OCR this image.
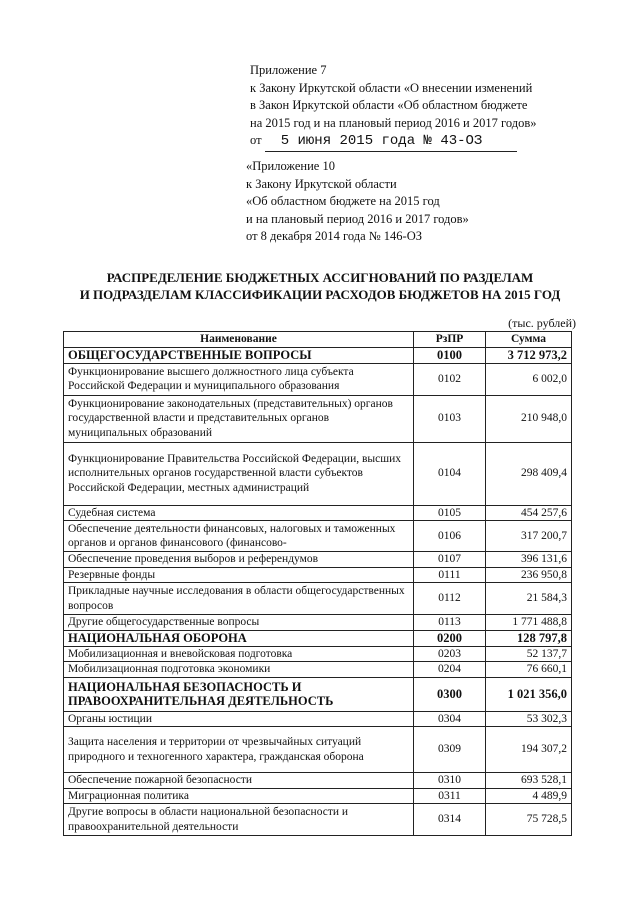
Приложение 7
к Закону Иркутской области «О внесении изменений
в Закон Иркутской области «Об областном бюджете
на 2015 год и на плановый период 2016 и 2017 годов»
от 5 июня 2015 года № 43-ОЗ
«Приложение 10
к Закону Иркутской области
«Об областном бюджете на 2015 год
и на плановый период 2016 и 2017 годов»
от 8 декабря 2014 года № 146-ОЗ
РАСПРЕДЕЛЕНИЕ БЮДЖЕТНЫХ АССИГНОВАНИЙ ПО РАЗДЕЛАМ
И ПОДРАЗДЕЛАМ КЛАССИФИКАЦИИ РАСХОДОВ БЮДЖЕТОВ НА 2015 ГОД
(тыс. рублей)
Наименование	РзПР	Сумма
ОБЩЕГОСУДАРСТВЕННЫЕ ВОПРОСЫ	0100	3 712 973,2
Функционирование высшего должностного лица субъекта Российской Федерации и муниципального образования	0102	6 002,0
Функционирование законодательных (представительных) органов государственной власти и представительных органов муниципальных образований	0103	210 948,0
Функционирование Правительства Российской Федерации, высших исполнительных органов государственной власти субъектов Российской Федерации, местных администраций	0104	298 409,4
Судебная система	0105	454 257,6
Обеспечение деятельности финансовых, налоговых и таможенных органов и органов финансового (финансово-	0106	317 200,7
Обеспечение проведения выборов и референдумов	0107	396 131,6
Резервные фонды	0111	236 950,8
Прикладные научные исследования в области общегосударственных вопросов	0112	21 584,3
Другие общегосударственные вопросы	0113	1 771 488,8
НАЦИОНАЛЬНАЯ ОБОРОНА	0200	128 797,8
Мобилизационная и вневойсковая подготовка	0203	52 137,7
Мобилизационная подготовка экономики	0204	76 660,1
НАЦИОНАЛЬНАЯ БЕЗОПАСНОСТЬ И ПРАВООХРАНИТЕЛЬНАЯ ДЕЯТЕЛЬНОСТЬ	0300	1 021 356,0
Органы юстиции	0304	53 302,3
Защита населения и территории от чрезвычайных ситуаций природного и техногенного характера, гражданская оборона	0309	194 307,2
Обеспечение пожарной безопасности	0310	693 528,1
Миграционная политика	0311	4 489,9
Другие вопросы в области национальной безопасности и правоохранительной деятельности	0314	75 728,5
